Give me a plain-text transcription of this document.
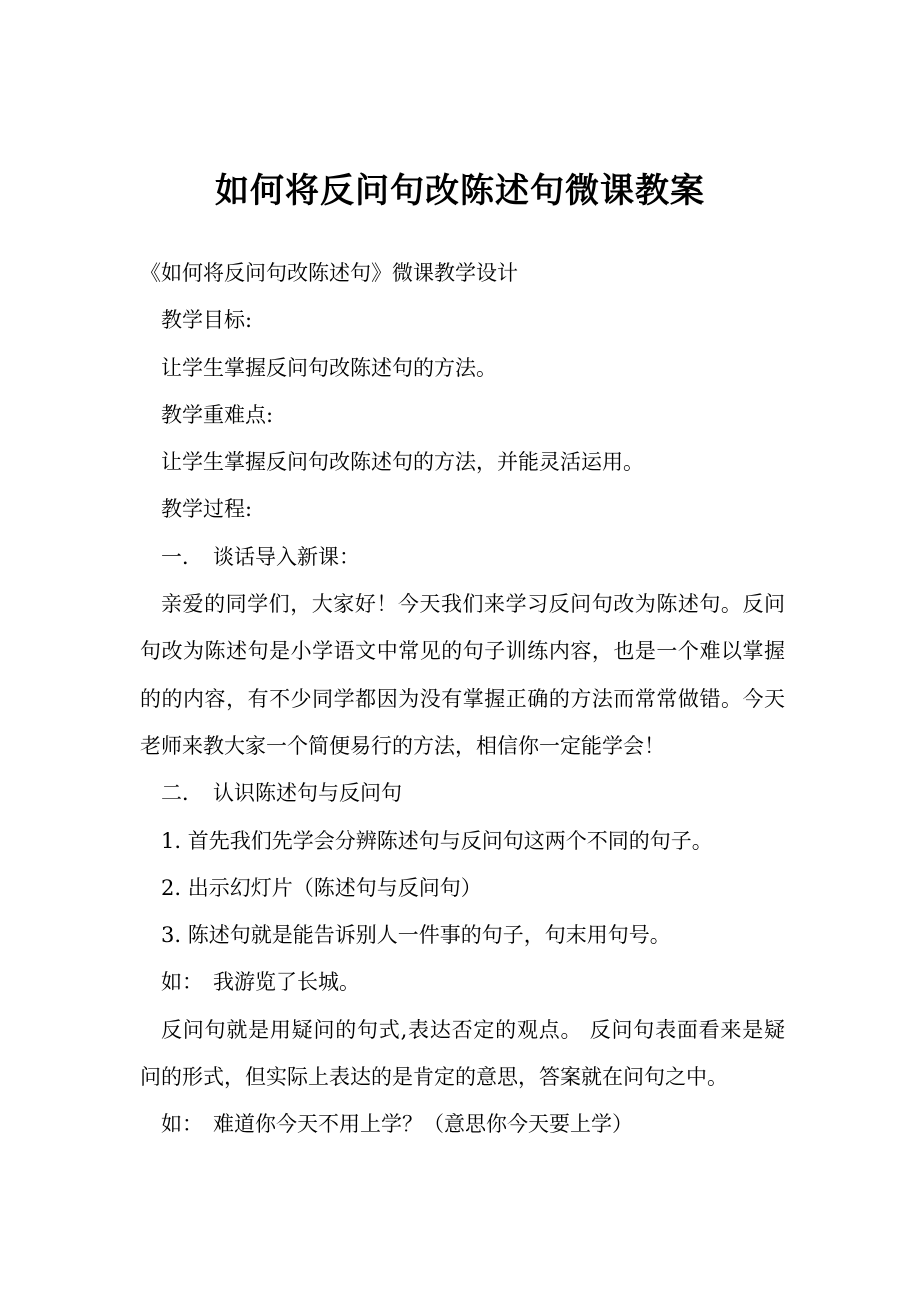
如何将反问句改陈述句微课教案
《如何将反问句改陈述句》微课教学设计
教学目标:
让学生掌握反问句改陈述句的方法。
教学重难点:
让学生掌握反问句改陈述句的方法，并能灵活运用。
教学过程:
一． 谈话导入新课：
亲爱的同学们，大家好！今天我们来学习反问句改为陈述句。反问
句改为陈述句是小学语文中常见的句子训练内容，也是一个难以掌握
的的内容，有不少同学都因为没有掌握正确的方法而常常做错。今天
老师来教大家一个简便易行的方法，相信你一定能学会！
二． 认识陈述句与反问句
1. 首先我们先学会分辨陈述句与反问句这两个不同的句子。
2. 出示幻灯片（陈述句与反问句）
3. 陈述句就是能告诉别人一件事的句子，句末用句号。
如： 我游览了长城。
反问句就是用疑问的句式,表达否定的观点。 反问句表面看来是疑
问的形式，但实际上表达的是肯定的意思，答案就在问句之中。
如： 难道你今天不用上学？（意思你今天要上学）
